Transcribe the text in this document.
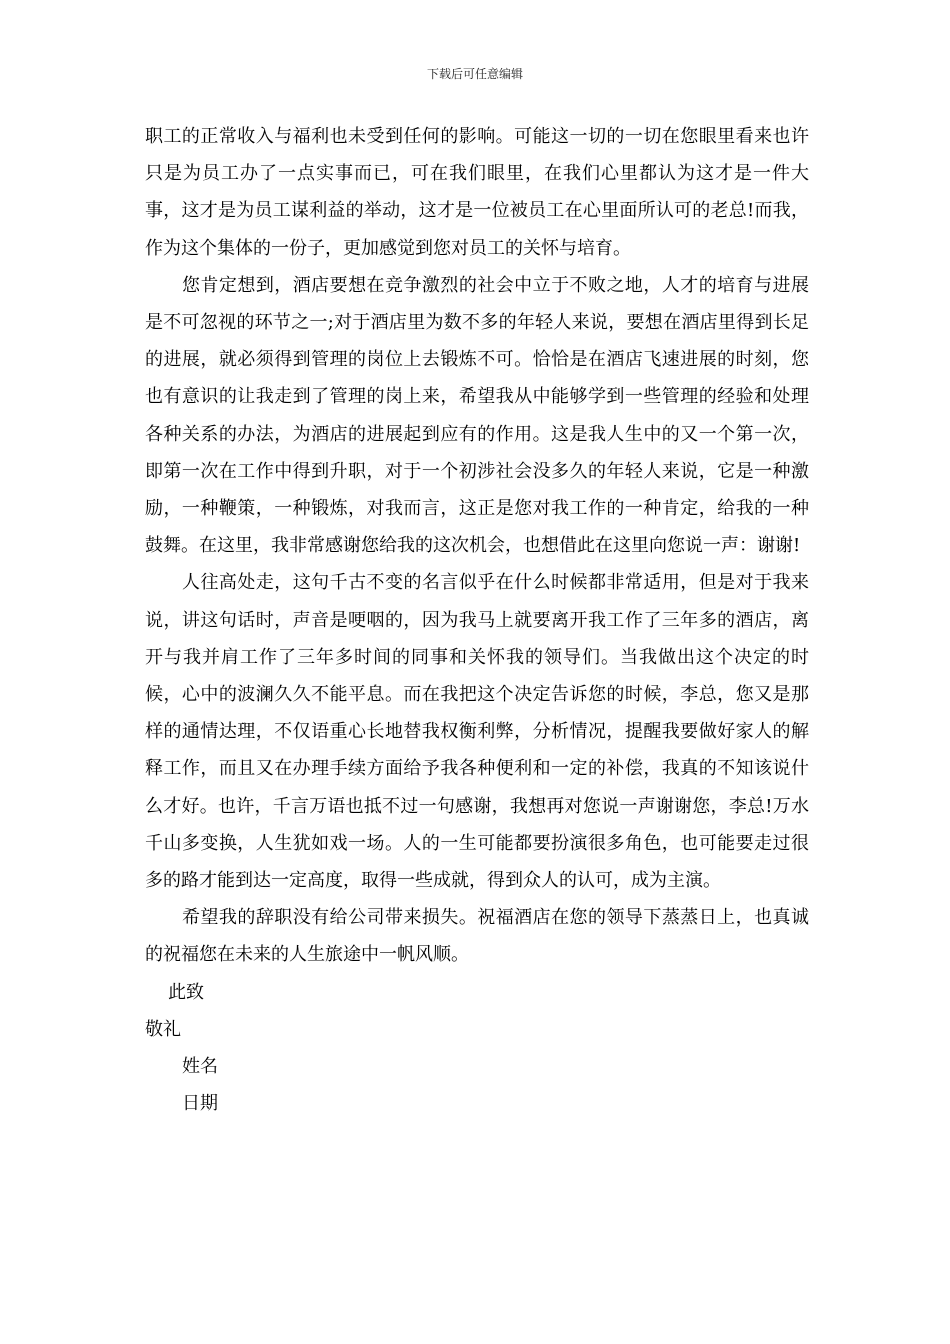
下载后可任意编辑

职工的正常收入与福利也未受到任何的影响。可能这一切的一切在您眼里看来也许只是为员工办了一点实事而已，可在我们眼里，在我们心里都认为这才是一件大事，这才是为员工谋利益的举动，这才是一位被员工在心里面所认可的老总!而我，作为这个集体的一份子，更加感觉到您对员工的关怀与培育。

您肯定想到，酒店要想在竞争激烈的社会中立于不败之地，人才的培育与进展是不可忽视的环节之一;对于酒店里为数不多的年轻人来说，要想在酒店里得到长足的进展，就必须得到管理的岗位上去锻炼不可。恰恰是在酒店飞速进展的时刻，您也有意识的让我走到了管理的岗上来，希望我从中能够学到一些管理的经验和处理各种关系的办法，为酒店的进展起到应有的作用。这是我人生中的又一个第一次，即第一次在工作中得到升职，对于一个初涉社会没多久的年轻人来说，它是一种激励，一种鞭策，一种锻炼，对我而言，这正是您对我工作的一种肯定，给我的一种鼓舞。在这里，我非常感谢您给我的这次机会，也想借此在这里向您说一声：谢谢!

人往高处走，这句千古不变的名言似乎在什么时候都非常适用，但是对于我来说，讲这句话时，声音是哽咽的，因为我马上就要离开我工作了三年多的酒店，离开与我并肩工作了三年多时间的同事和关怀我的领导们。当我做出这个决定的时候，心中的波澜久久不能平息。而在我把这个决定告诉您的时候，李总，您又是那样的通情达理，不仅语重心长地替我权衡利弊，分析情况，提醒我要做好家人的解释工作，而且又在办理手续方面给予我各种便利和一定的补偿，我真的不知该说什么才好。也许，千言万语也抵不过一句感谢，我想再对您说一声谢谢您，李总!万水千山多变换，人生犹如戏一场。人的一生可能都要扮演很多角色，也可能要走过很多的路才能到达一定高度，取得一些成就，得到众人的认可，成为主演。

希望我的辞职没有给公司带来损失。祝福酒店在您的领导下蒸蒸日上，也真诚的祝福您在未来的人生旅途中一帆风顺。

此致

敬礼

姓名

日期
